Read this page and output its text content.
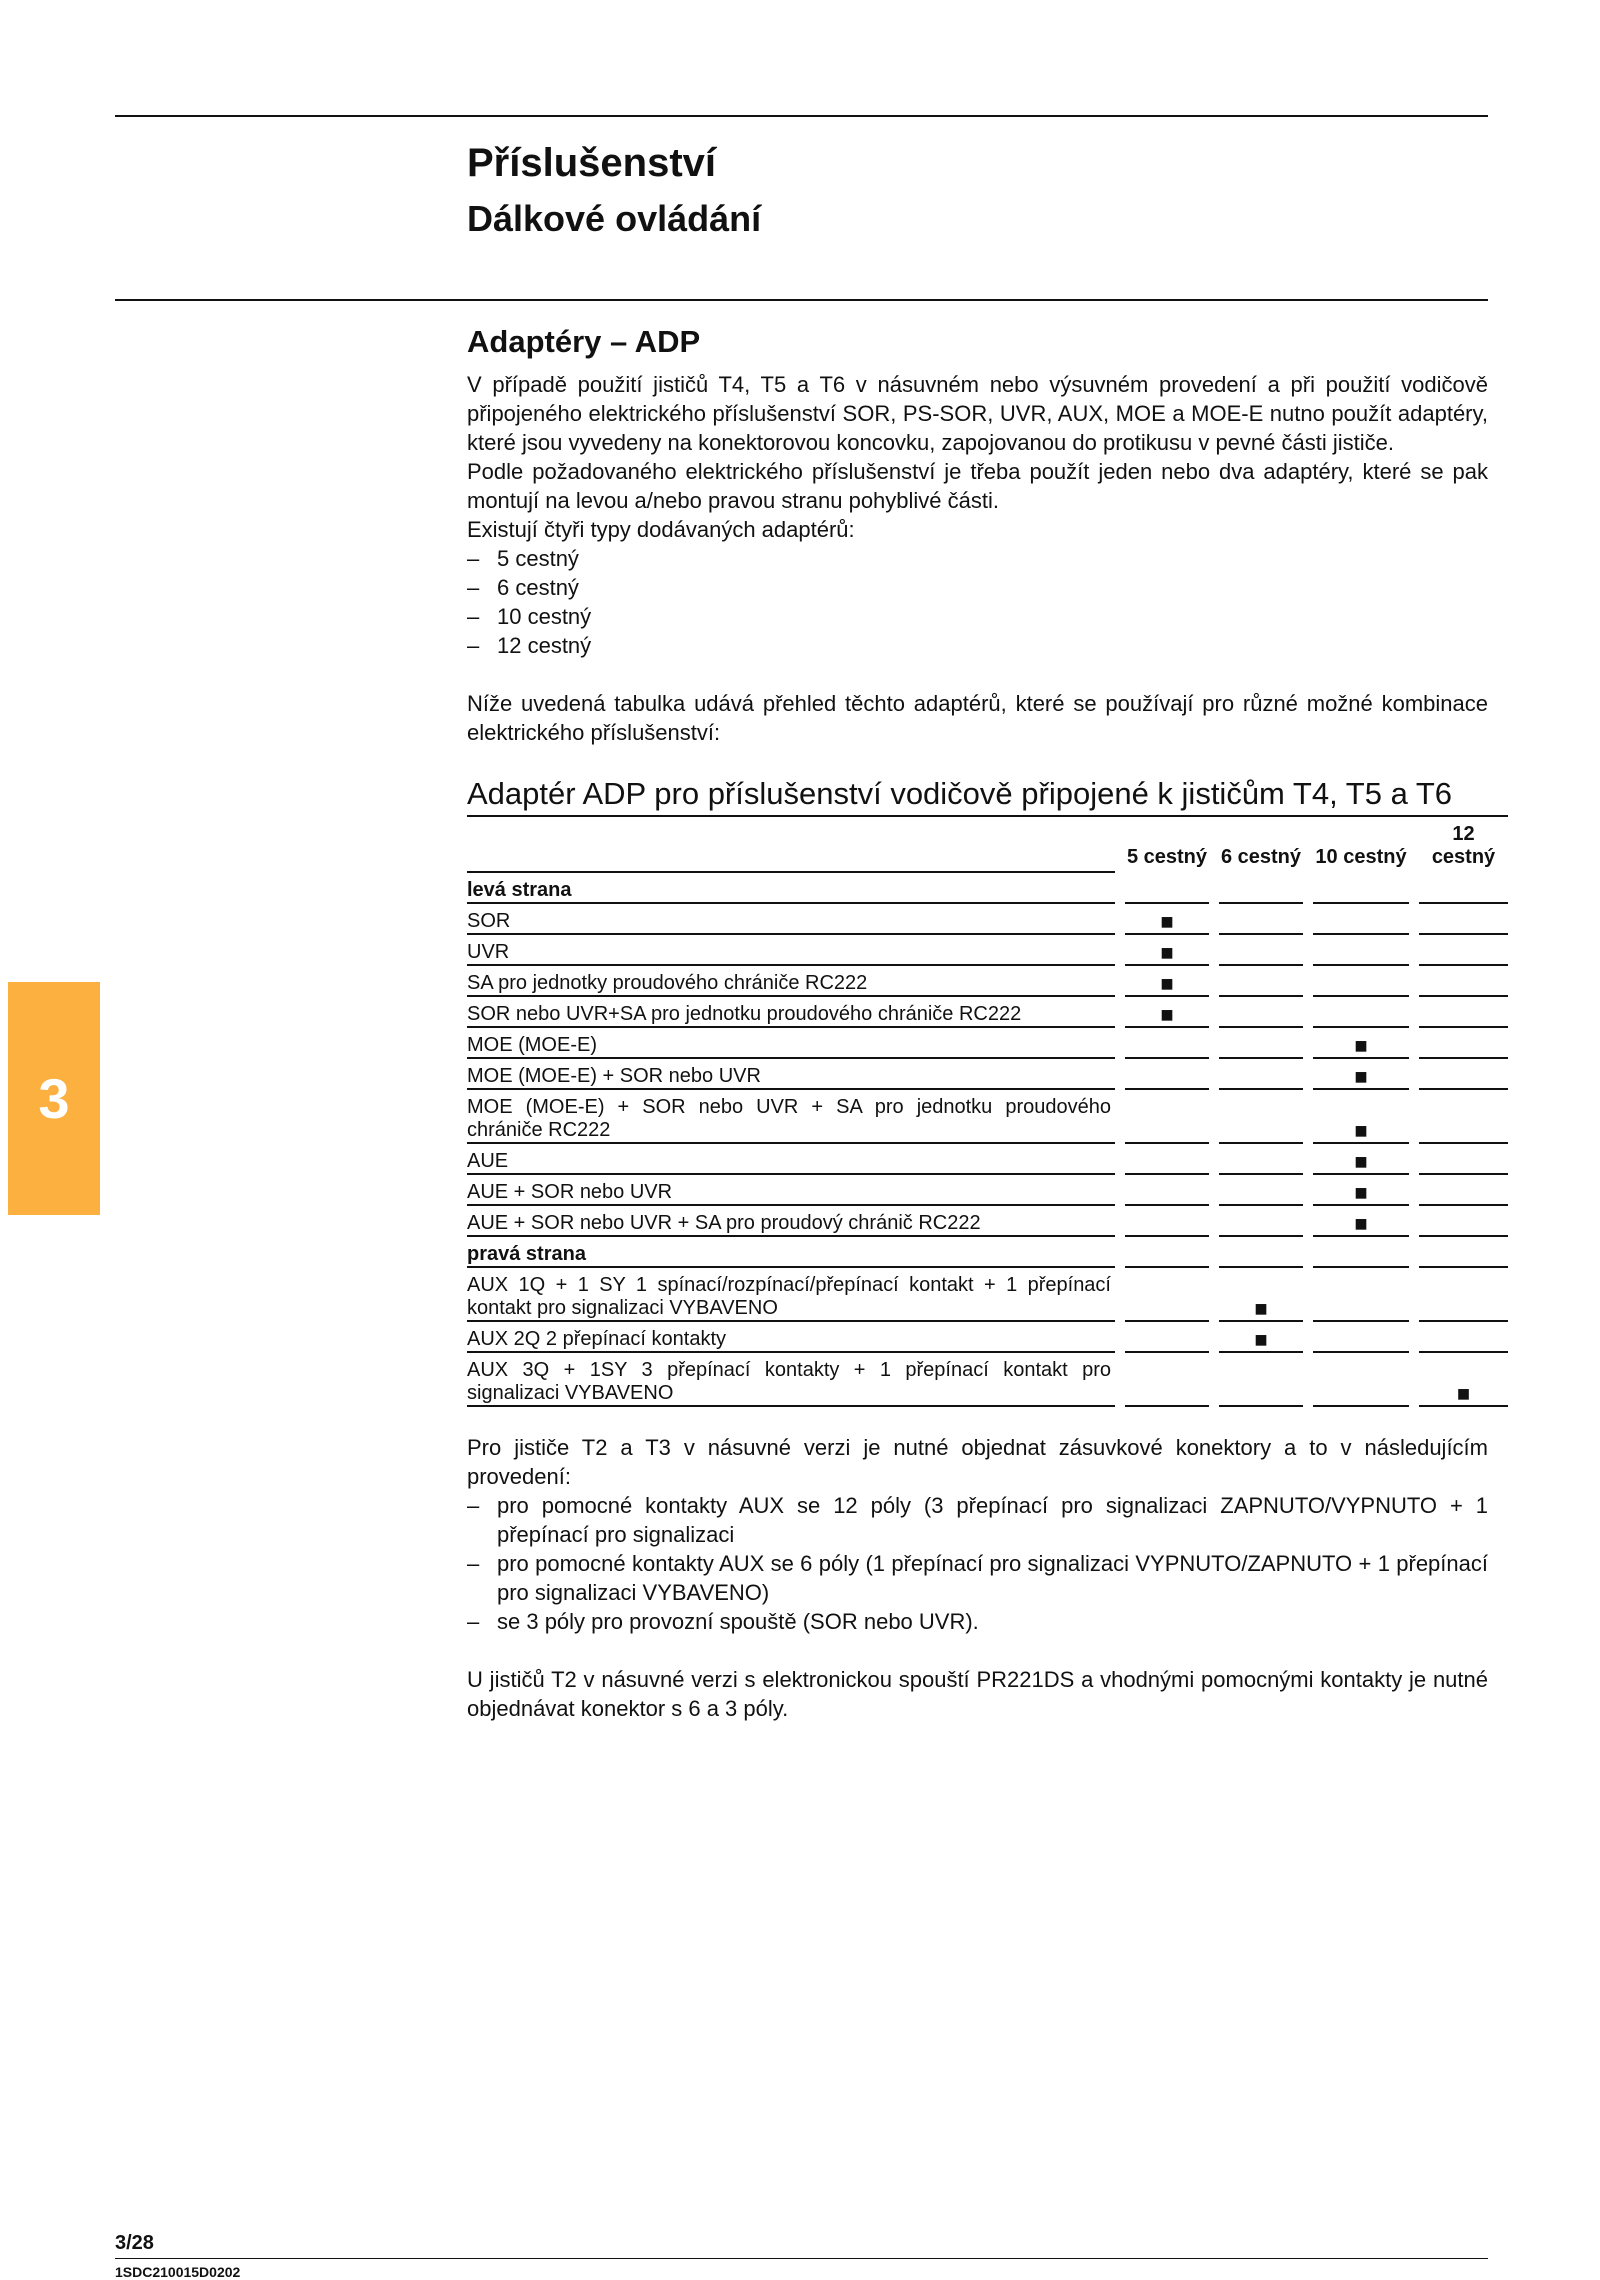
Příslušenství
Dálkové ovládání
3
Adaptéry – ADP

V případě použití jističů T4, T5 a T6 v násuvném nebo výsuvném provedení a při použití vodičově připojeného elektrického příslušenství SOR, PS-SOR, UVR, AUX, MOE a MOE-E nutno použít adaptéry, které jsou vyvedeny na konektorovou koncovku, zapojovanou do protikusu v pevné části jističe.

Podle požadovaného elektrického příslušenství je třeba použít jeden nebo dva adaptéry, které se pak montují na levou a/nebo pravou stranu pohyblivé části.

Existují čtyři typy dodávaných adaptérů:

– 5 cestný
– 6 cestný
– 10 cestný
– 12 cestný

Níže uvedená tabulka udává přehled těchto adaptérů, které se používají pro různé možné kombinace elektrického příslušenství:

Adaptér ADP pro příslušenství vodičově připojené k jističům T4, T5 a T6
		5 cestný		6 cestný		10 cestný		12 cestný
levá strana								
SOR		■						
UVR		■						
SA pro jednotky proudového chrániče RC222		■						
SOR nebo UVR+SA pro jednotku proudového chrániče RC222		■						
MOE (MOE-E)						■		
MOE (MOE-E) + SOR nebo UVR						■		
MOE (MOE-E) + SOR nebo UVR + SA pro jednotku proudového chrániče RC222						■		
AUE						■		
AUE + SOR nebo UVR						■		
AUE + SOR nebo UVR + SA pro proudový chránič RC222						■		
pravá strana								
AUX 1Q + 1 SY 1 spínací/rozpínací/přepínací kontakt + 1 přepínací kontakt pro signalizaci VYBAVENO				■				
AUX 2Q 2 přepínací kontakty				■				
AUX 3Q + 1SY 3 přepínací kontakty + 1 přepínací kontakt pro signalizaci VYBAVENO								■

Pro jističe T2 a T3 v násuvné verzi je nutné objednat zásuvkové konektory a to v následujícím provedení:

– pro pomocné kontakty AUX se 12 póly (3 přepínací pro signalizaci ZAPNUTO/VYPNUTO + 1 přepínací pro signalizaci
– pro pomocné kontakty AUX se 6 póly (1 přepínací pro signalizaci VYPNUTO/ZAPNUTO + 1 přepínací pro signalizaci VYBAVENO)
– se 3 póly pro provozní spouště (SOR nebo UVR).

U jističů T2 v násuvné verzi s elektronickou spouští PR221DS a vhodnými pomocnými kontakty je nutné objednávat konektor s 6 a 3 póly.

3/28
1SDC210015D0202
